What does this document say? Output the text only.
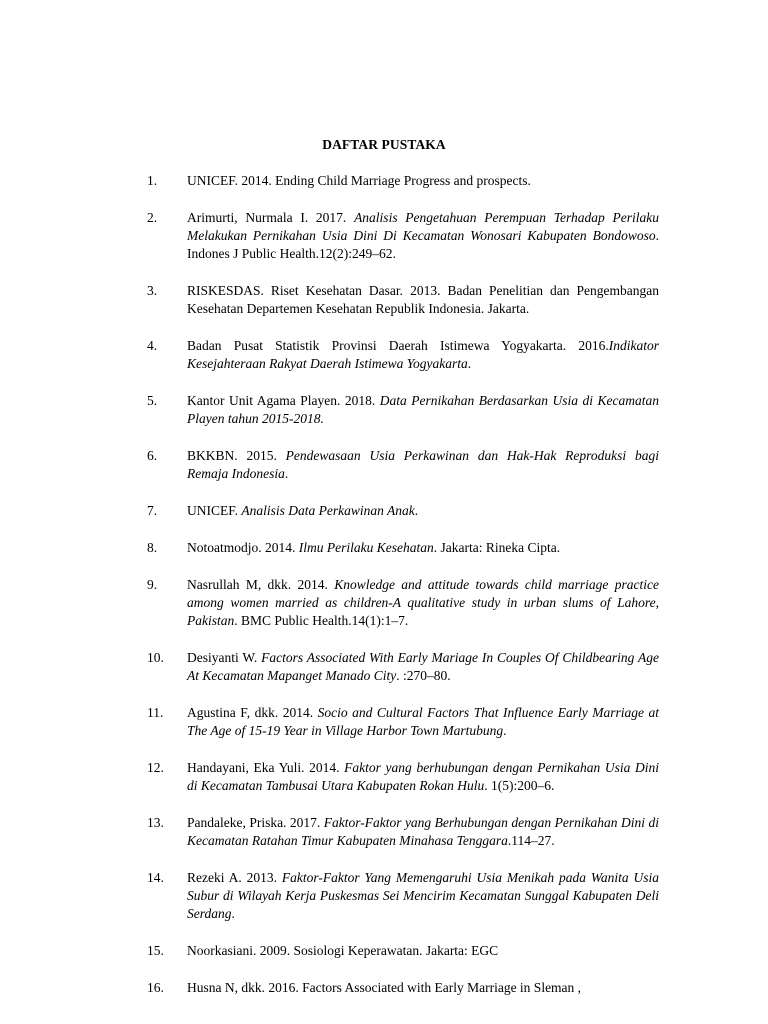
DAFTAR PUSTAKA
1. UNICEF. 2014. Ending Child Marriage Progress and prospects.
2. Arimurti, Nurmala I. 2017. Analisis Pengetahuan Perempuan Terhadap Perilaku Melakukan Pernikahan Usia Dini Di Kecamatan Wonosari Kabupaten Bondowoso. Indones J Public Health.12(2):249–62.
3. RISKESDAS. Riset Kesehatan Dasar. 2013. Badan Penelitian dan Pengembangan Kesehatan Departemen Kesehatan Republik Indonesia. Jakarta.
4. Badan Pusat Statistik Provinsi Daerah Istimewa Yogyakarta. 2016.Indikator Kesejahteraan Rakyat Daerah Istimewa Yogyakarta.
5. Kantor Unit Agama Playen. 2018. Data Pernikahan Berdasarkan Usia di Kecamatan Playen tahun 2015-2018.
6. BKKBN. 2015. Pendewasaan Usia Perkawinan dan Hak-Hak Reproduksi bagi Remaja Indonesia.
7. UNICEF. Analisis Data Perkawinan Anak.
8. Notoatmodjo. 2014. Ilmu Perilaku Kesehatan. Jakarta: Rineka Cipta.
9. Nasrullah M, dkk. 2014. Knowledge and attitude towards child marriage practice among women married as children-A qualitative study in urban slums of Lahore, Pakistan. BMC Public Health.14(1):1–7.
10. Desiyanti W. Factors Associated With Early Mariage In Couples Of Childbearing Age At Kecamatan Mapanget Manado City. :270–80.
11. Agustina F, dkk. 2014. Socio and Cultural Factors That Influence Early Marriage at The Age of 15-19 Year in Village Harbor Town Martubung.
12. Handayani, Eka Yuli. 2014. Faktor yang berhubungan dengan Pernikahan Usia Dini di Kecamatan Tambusai Utara Kabupaten Rokan Hulu. 1(5):200–6.
13. Pandaleke, Priska. 2017. Faktor-Faktor yang Berhubungan dengan Pernikahan Dini di Kecamatan Ratahan Timur Kabupaten Minahasa Tenggara.114–27.
14. Rezeki A. 2013. Faktor-Faktor Yang Memengaruhi Usia Menikah pada Wanita Usia Subur di Wilayah Kerja Puskesmas Sei Mencirim Kecamatan Sunggal Kabupaten Deli Serdang.
15. Noorkasiani. 2009. Sosiologi Keperawatan. Jakarta: EGC
16. Husna N, dkk. 2016. Factors Associated with Early Marriage in Sleman ,
